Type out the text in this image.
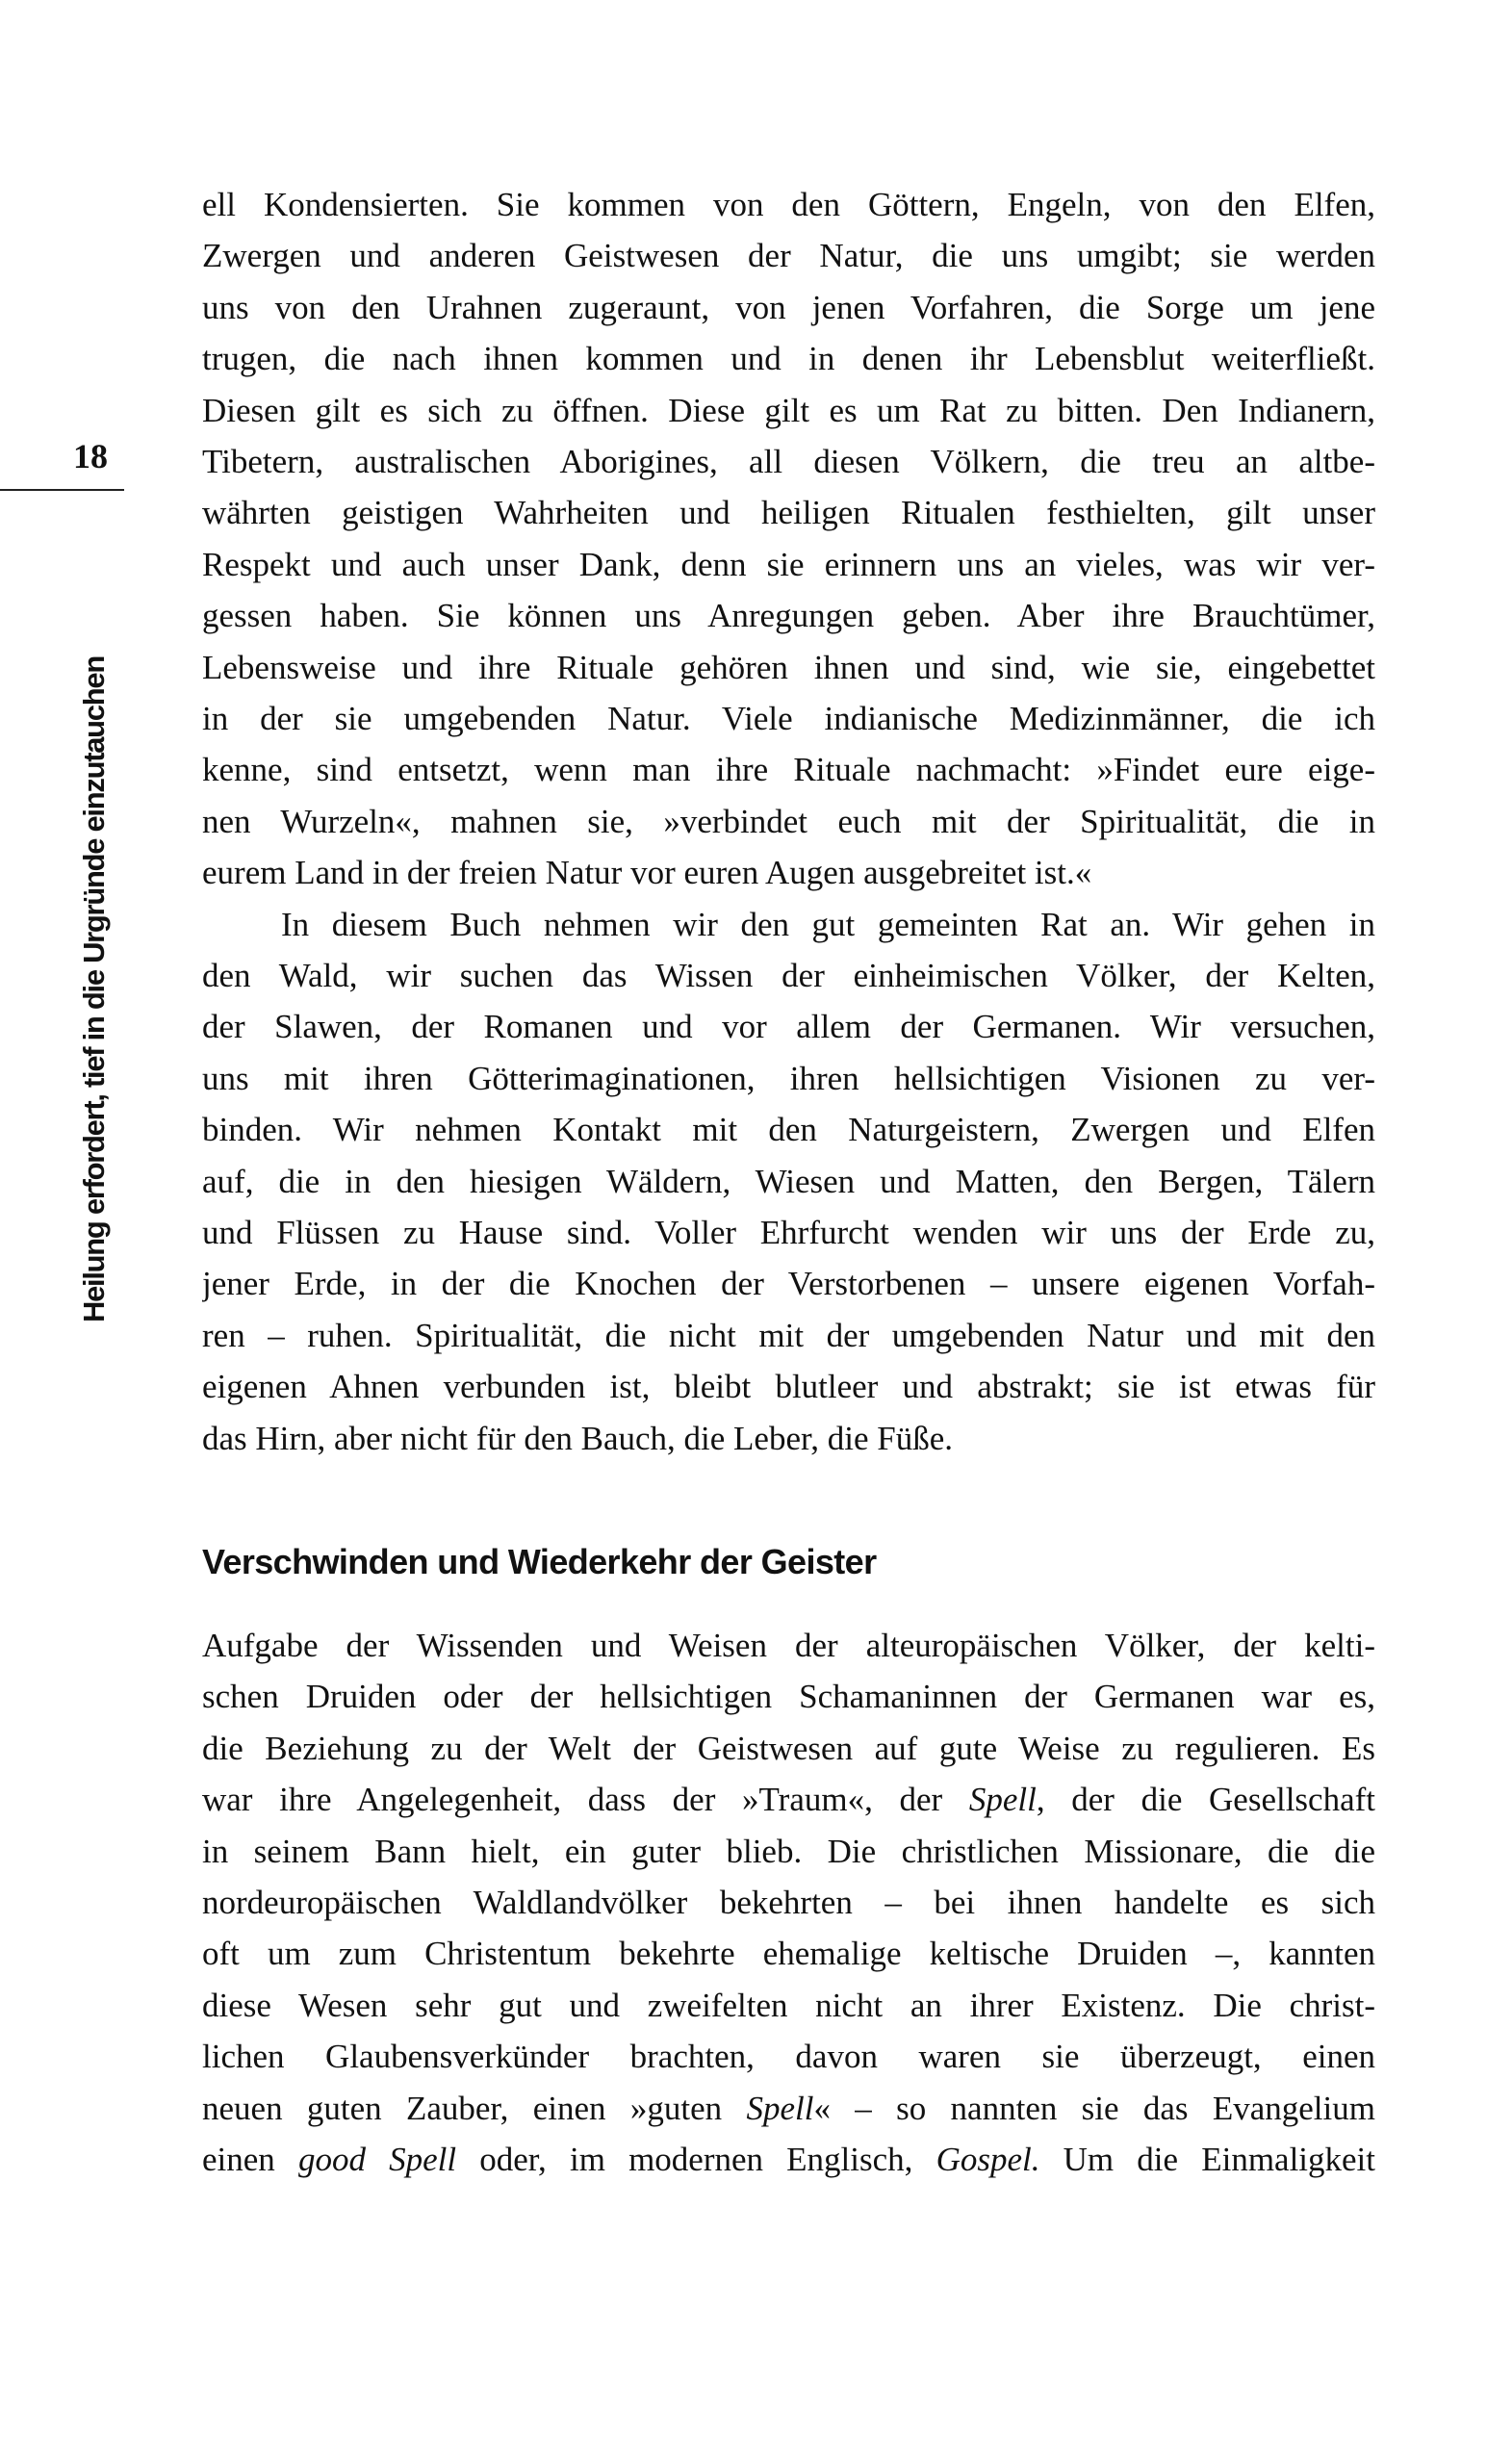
18
Heilung erfordert, tief in die Urgründe einzutauchen
ell Kondensierten. Sie kommen von den Göttern, Engeln, von den Elfen,
Zwergen und anderen Geistwesen der Natur, die uns umgibt; sie werden
uns von den Urahnen zugeraunt, von jenen Vorfahren, die Sorge um jene
trugen, die nach ihnen kommen und in denen ihr Lebensblut weiterfließt.
Diesen gilt es sich zu öffnen. Diese gilt es um Rat zu bitten. Den Indianern,
Tibetern, australischen Aborigines, all diesen Völkern, die treu an altbe-
währten geistigen Wahrheiten und heiligen Ritualen festhielten, gilt unser
Respekt und auch unser Dank, denn sie erinnern uns an vieles, was wir ver-
gessen haben. Sie können uns Anregungen geben. Aber ihre Brauchtümer,
Lebensweise und ihre Rituale gehören ihnen und sind, wie sie, eingebettet
in der sie umgebenden Natur. Viele indianische Medizinmänner, die ich
kenne, sind entsetzt, wenn man ihre Rituale nachmacht: »Findet eure eige-
nen Wurzeln«, mahnen sie, »verbindet euch mit der Spiritualität, die in
eurem Land in der freien Natur vor euren Augen ausgebreitet ist.«
In diesem Buch nehmen wir den gut gemeinten Rat an. Wir gehen in
den Wald, wir suchen das Wissen der einheimischen Völker, der Kelten,
der Slawen, der Romanen und vor allem der Germanen. Wir versuchen,
uns mit ihren Götterimaginationen, ihren hellsichtigen Visionen zu ver-
binden. Wir nehmen Kontakt mit den Naturgeistern, Zwergen und Elfen
auf, die in den hiesigen Wäldern, Wiesen und Matten, den Bergen, Tälern
und Flüssen zu Hause sind. Voller Ehrfurcht wenden wir uns der Erde zu,
jener Erde, in der die Knochen der Verstorbenen – unsere eigenen Vorfah-
ren – ruhen. Spiritualität, die nicht mit der umgebenden Natur und mit den
eigenen Ahnen verbunden ist, bleibt blutleer und abstrakt; sie ist etwas für
das Hirn, aber nicht für den Bauch, die Leber, die Füße.
Verschwinden und Wiederkehr der Geister
Aufgabe der Wissenden und Weisen der alteuropäischen Völker, der kelti-
schen Druiden oder der hellsichtigen Schamaninnen der Germanen war es,
die Beziehung zu der Welt der Geistwesen auf gute Weise zu regulieren. Es
war ihre Angelegenheit, dass der »Traum«, der Spell, der die Gesellschaft
in seinem Bann hielt, ein guter blieb. Die christlichen Missionare, die die
nordeuropäischen Waldlandvölker bekehrten – bei ihnen handelte es sich
oft um zum Christentum bekehrte ehemalige keltische Druiden –, kannten
diese Wesen sehr gut und zweifelten nicht an ihrer Existenz. Die christ-
lichen Glaubensverkünder brachten, davon waren sie überzeugt, einen
neuen guten Zauber, einen »guten Spell« – so nannten sie das Evangelium
einen good Spell oder, im modernen Englisch, Gospel. Um die Einmaligkeit
